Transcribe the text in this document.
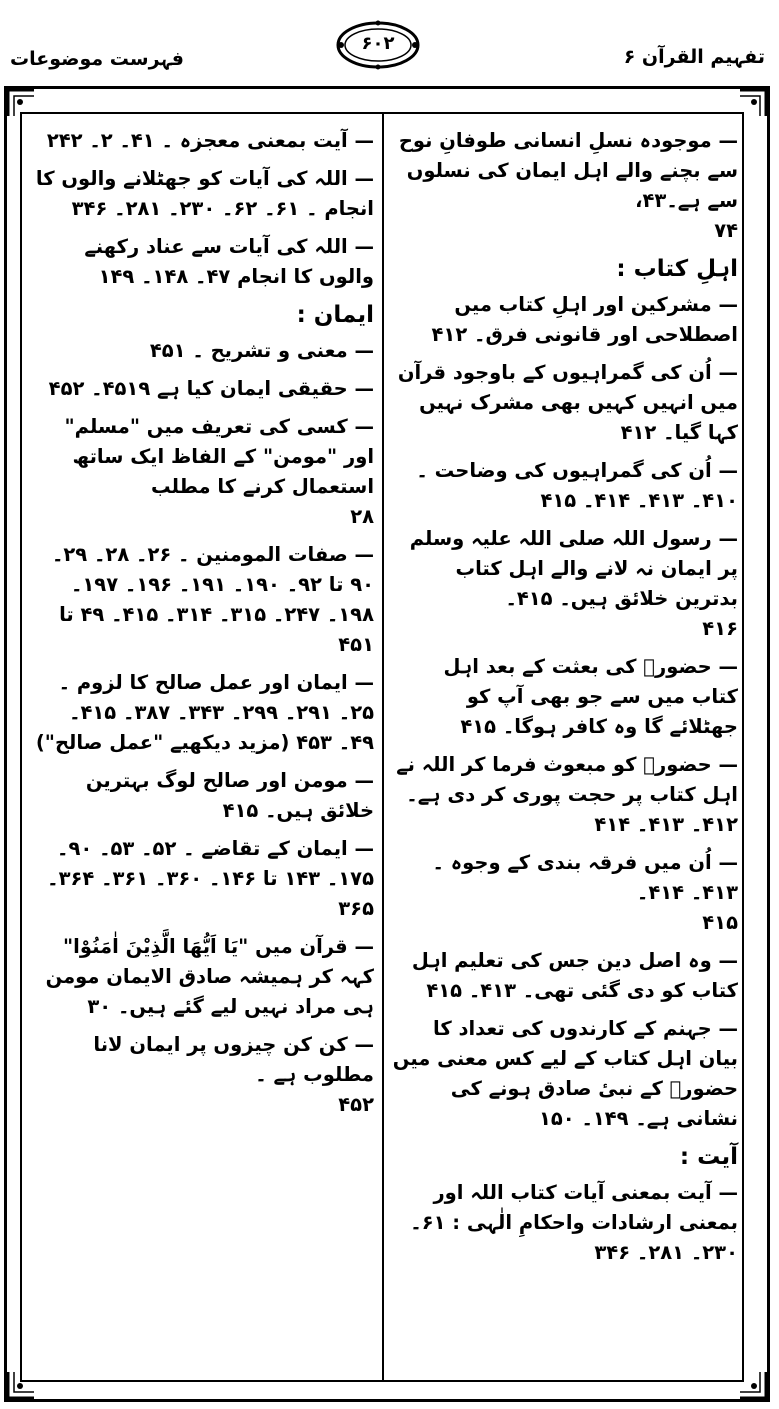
تفہیم القرآن ۶
۶۰۲
فہرست موضوعات
— موجودہ نسلِ انسانی طوفانِ نوح سے بچنے والے اہل ایمان کی نسلوں سے ہے۔۴۳،
۷۴
اہلِ کتاب :
— مشرکین اور اہلِ کتاب میں اصطلاحی اور قانونی فرق۔ ۴۱۲
— اُن کی گمراہیوں کے باوجود قرآن میں انہیں کہیں بھی مشرک نہیں کہا گیا۔ ۴۱۲
— اُن کی گمراہیوں کی وضاحت ۔ ۴۱۰۔ ۴۱۳۔ ۴۱۴۔ ۴۱۵
— رسول اللہ صلی اللہ علیہ وسلم پر ایمان نہ لانے والے اہل کتاب بدترین خلائق ہیں۔ ۴۱۵۔
۴۱۶
— حضورؐ کی بعثت کے بعد اہل کتاب میں سے جو بھی آپ کو جھٹلائے گا وہ کافر ہوگا۔ ۴۱۵
— حضورؐ کو مبعوث فرما کر اللہ نے اہل کتاب پر حجت پوری کر دی ہے۔ ۴۱۲۔ ۴۱۳۔ ۴۱۴
— اُن میں فرقہ بندی کے وجوہ ۔ ۴۱۳۔ ۴۱۴۔
۴۱۵
— وہ اصل دین جس کی تعلیم اہل کتاب کو دی گئی تھی۔ ۴۱۳۔ ۴۱۵
— جہنم کے کارندوں کی تعداد کا بیان اہل کتاب کے لیے کس معنی میں حضورؐ کے نبیٔ صادق ہونے کی نشانی ہے۔ ۱۴۹۔ ۱۵۰
آیت :
— آیت بمعنی آیات کتاب اللہ اور بمعنی ارشادات واحکامِ الٰہی : ۶۱۔ ۲۳۰۔ ۲۸۱۔ ۳۴۶
— آیت بمعنی معجزہ ۔ ۴۱۔ ۲۔ ۲۴۲
— اللہ کی آیات کو جھٹلانے والوں کا انجام ۔ ۶۱۔ ۶۲۔ ۲۳۰۔ ۲۸۱۔ ۳۴۶
— اللہ کی آیات سے عناد رکھنے والوں کا انجام ۴۷۔ ۱۴۸۔ ۱۴۹
ایمان :
— معنی و تشریح ۔ ۴۵۱
— حقیقی ایمان کیا ہے ۴۵۱۹۔ ۴۵۲
— کسی کی تعریف میں "مسلم" اور "مومن" کے الفاظ ایک ساتھ استعمال کرنے کا مطلب
۲۸
— صفات المومنین ۔ ۲۶۔ ۲۸۔ ۲۹۔ ۹۰ تا ۹۲۔ ۱۹۰۔ ۱۹۱۔ ۱۹۶۔ ۱۹۷۔ ۱۹۸۔ ۲۴۷۔ ۳۱۵۔ ۳۱۴۔ ۴۱۵۔ ۴۹ تا ۴۵۱
— ایمان اور عمل صالح کا لزوم ۔ ۲۵۔ ۲۹۱۔ ۲۹۹۔ ۳۴۳۔ ۳۸۷۔ ۴۱۵۔ ۴۹۔ ۴۵۳ (مزید دیکھیے "عمل صالح")
— مومن اور صالح لوگ بہترین خلائق ہیں۔ ۴۱۵
— ایمان کے تقاضے ۔ ۵۲۔ ۵۳۔ ۹۰۔ ۱۷۵۔ ۱۴۳ تا ۱۴۶۔ ۳۶۰۔ ۳۶۱۔ ۳۶۴۔
۳۶۵
— قرآن میں "یَا اَیُّھَا الَّذِیْنَ اٰمَنُوْا" کہہ کر ہمیشہ صادق الایمان مومن ہی مراد نہیں لیے گئے ہیں۔ ۳۰
— کن کن چیزوں پر ایمان لانا مطلوب ہے ۔
۴۵۲
